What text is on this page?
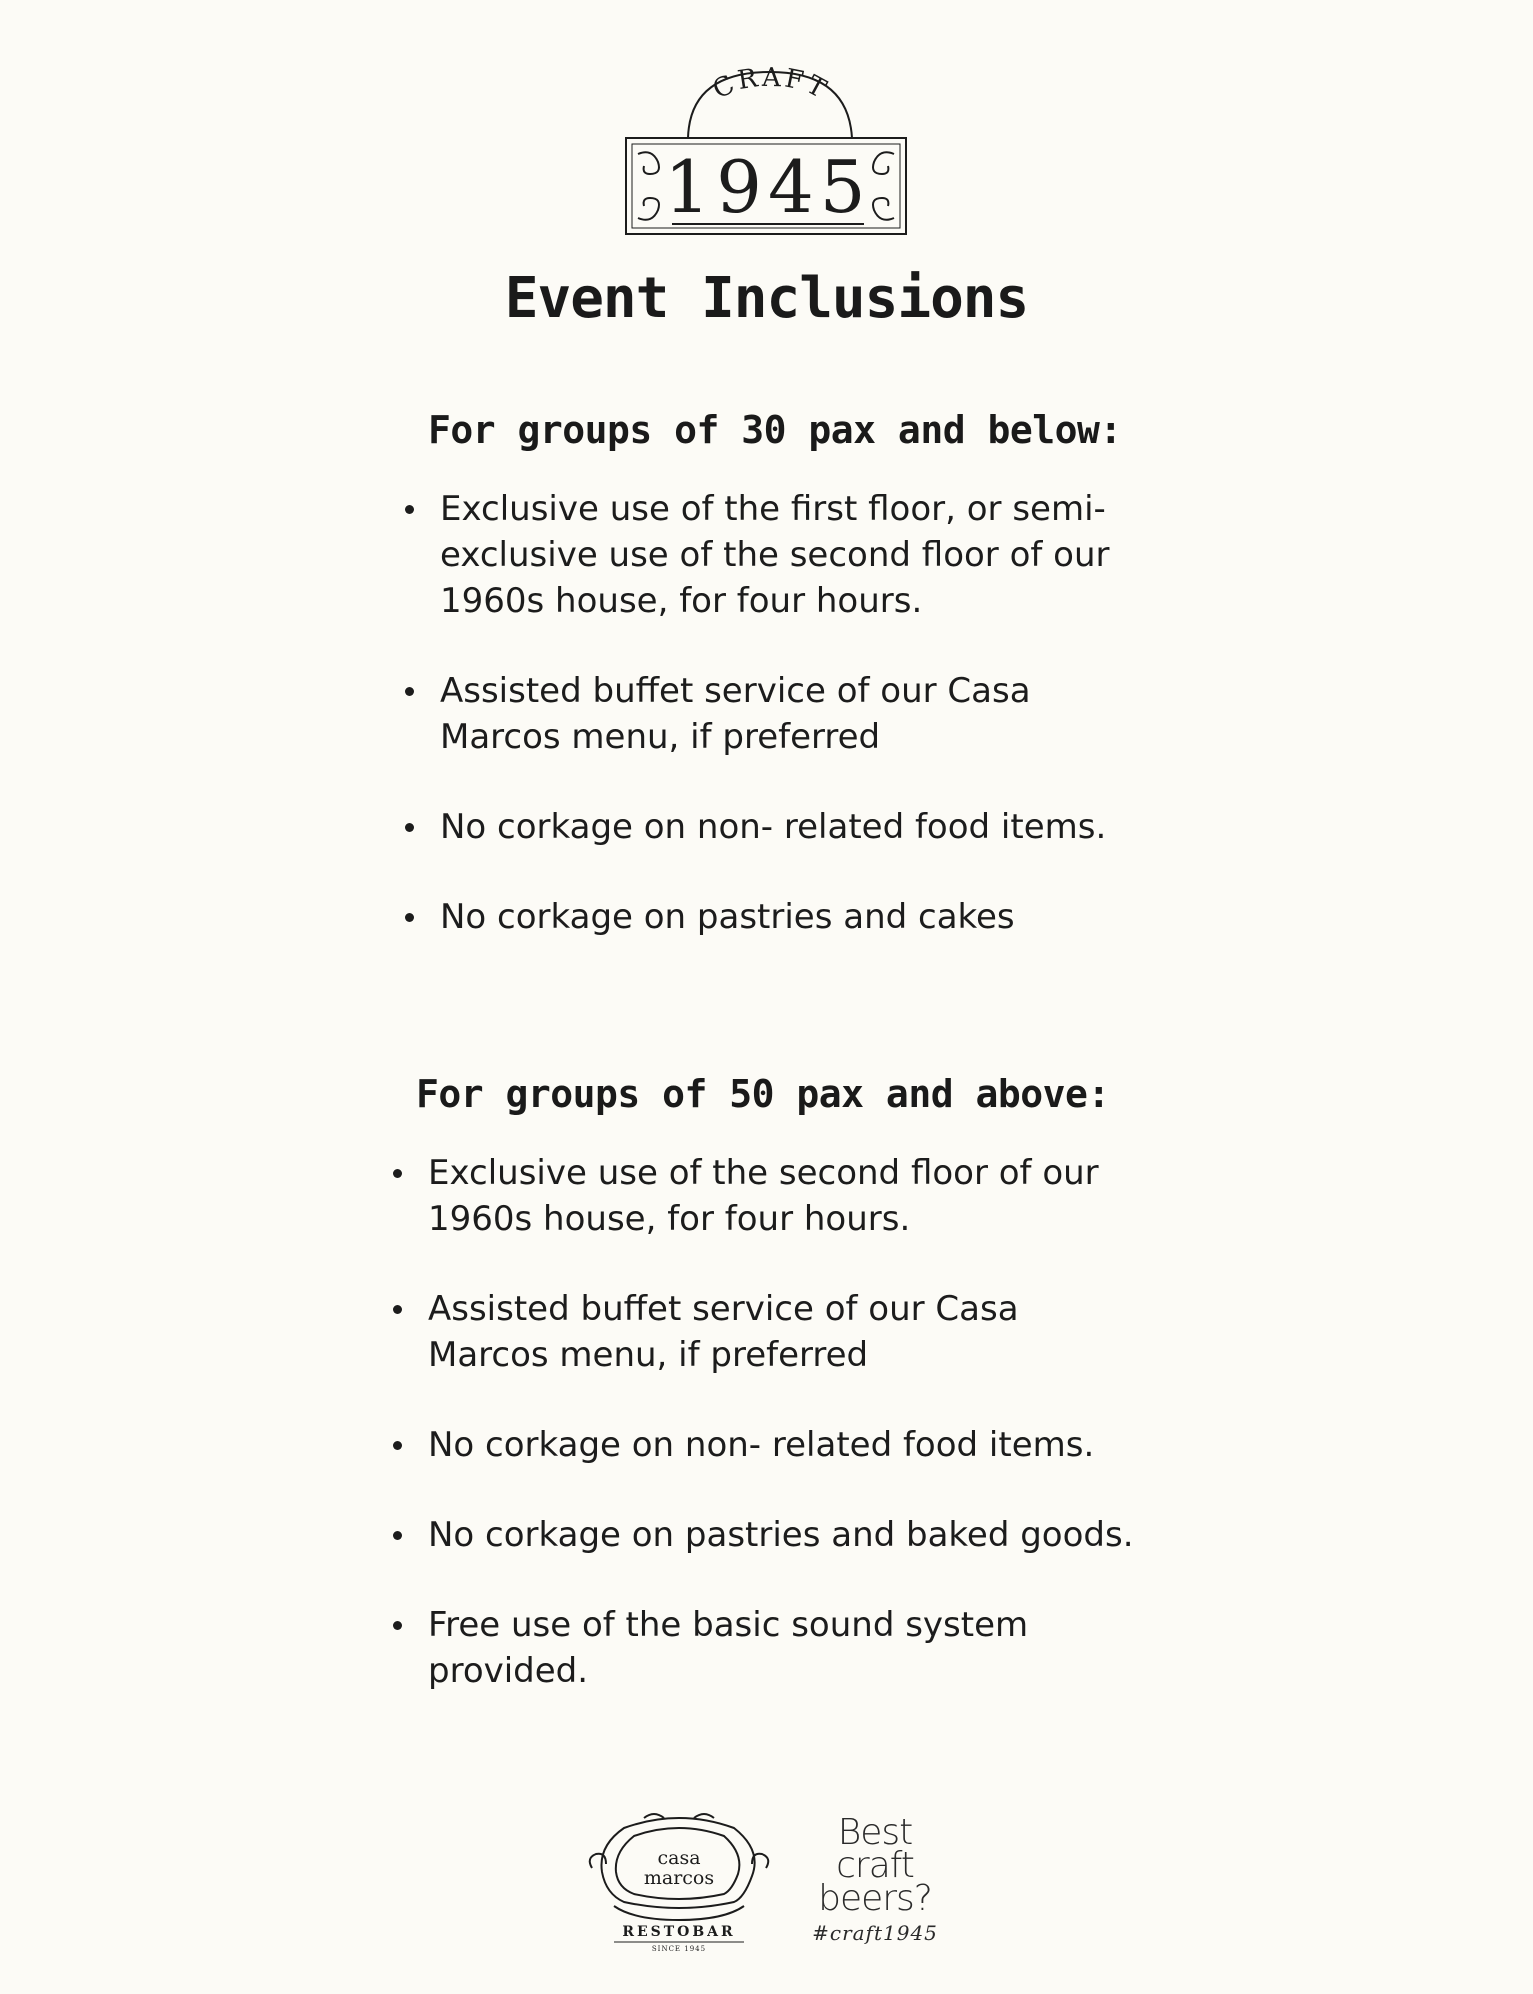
CRAFT
1945
Event Inclusions
For groups of 30 pax and below:
Exclusive use of the first floor, or semi-exclusive use of the second floor of our 1960s house, for four hours.
Assisted buffet service of our Casa Marcos menu, if preferred
No corkage on non- related food items.
No corkage on pastries and cakes
For groups of 50 pax and above:
Exclusive use of the second floor of our 1960s house, for four hours.
Assisted buffet service of our Casa Marcos menu, if preferred
No corkage on non- related food items.
No corkage on pastries and baked goods.
Free use of the basic sound system provided.
casa
marcos
RESTOBAR
SINCE 1945
Best
craft
beers?
#craft1945
